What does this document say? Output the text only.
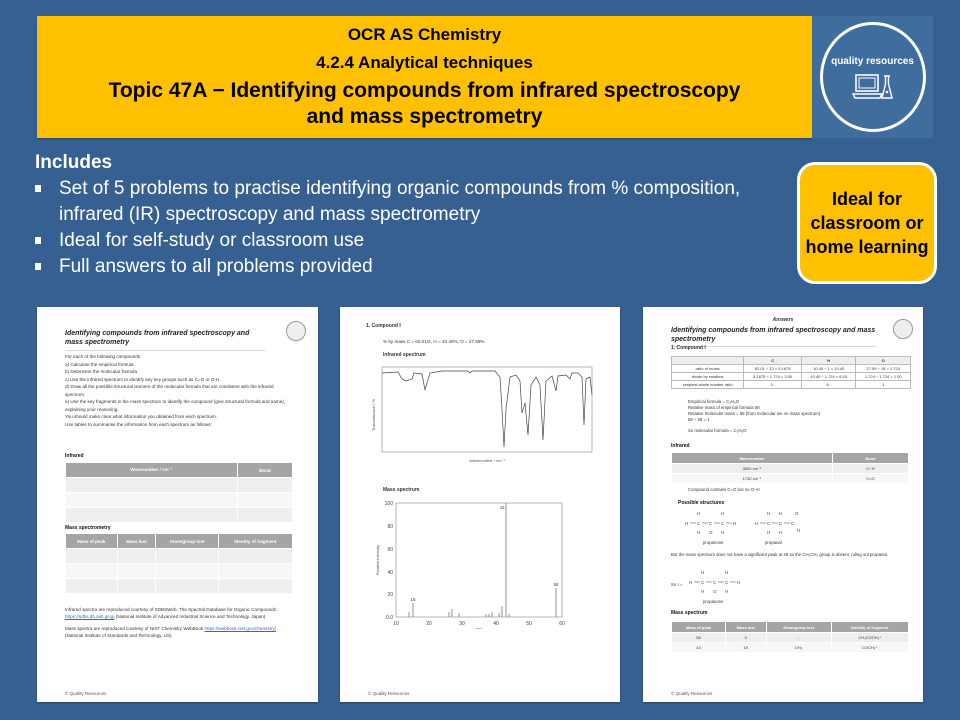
OCR AS Chemistry
4.2.4 Analytical techniques
Topic 47A − Identifying compounds from infrared spectroscopy
and mass spectrometry
quality resources
Includes
Set of 5 problems to practise identifying organic compounds from % composition, infrared (IR) spectroscopy and mass spectrometry
Ideal for self-study or classroom use
Full answers to all problems provided
Ideal for classroom or home learning
Identifying compounds from infrared spectroscopy and mass spectrometry
For each of the following compounds
a) Calculate the empirical formula
b) Determine the molecular formula
c) Use the infrared spectrum to identify any key groups such as C=O or O-H.
d) Draw all the possible structural isomers of the molecular formula that are consistent with the infrared spectrum.
e) Use the key fragments in the mass spectrum to identify the compound (give structural formula and name), explaining your reasoning.
You should make clear what information you obtained from each spectrum.
Use tables to summarise the information from each spectrum as follows:
Infrared
Wavenumber / cm⁻¹	Bond

Mass spectrometry
Mass of peak	Mass lost	Atom/group lost	Identity of fragment

Infrared spectra are reproduced courtesy of SDBSWeb. The Spectral Database for Organic Compounds : https://sdbs.db.aist.go.jp (National Institute of Advanced Industrial Science and Technology, Japan)
Mass spectra are reproduced courtesy of NIST Chemistry WebBook https://webbook.nist.gov/chemistry/ (National Institute of Standards and Technology, US)
© Quality Resources
1. Compound I
% by mass C = 62.01%, H = 10.40%, O = 27.59%
Infrared spectrum
Wavenumber / cm⁻¹
Transmittance / %
Mass spectrum
100
80
60
40
20
0.0
10	20	30	40	50	60
15
43
58
m/z
Relative intensity
© Quality Resources
Answers
Identifying compounds from infrared spectroscopy and mass spectrometry
1. Compound I
	C	H	O
ratio of moles	62.01 ÷ 12 = 5.1675	10.40 ÷ 1 = 10.40	27.59 ÷ 16 = 1.724
divide by smallest	5.1675 ÷ 1.724 = 3.00	10.40 ÷ 1.724 = 6.03	1.724 ÷ 1.724 = 1.00
simplest whole number ratio	3 :	6 :	1
Empirical formula = C₃H₆O
Relative mass of empirical formula 58
Relative molecular mass = 58 (from molecular ion on mass spectrum)
58 ÷ 58 = 1
So molecular formula = C₃H₆O
Infrared
Wavenumber	Bond
3000 cm⁻¹	C−H
1730 cm⁻¹	C=O
Compound contains C=O but no O−H
Possible structures
H C C C H
H	H
H O H
H C C C
H H	O
H H	H
propanone	propanal
But the mass spectrum does not have a significant peak at 29 so the CH₃CH₂ group is absent, ruling out propanal.
So I = H C C C H
H	H
H O H
propanone
Mass spectrum
Mass of peak	Mass lost	Atom/group lost	Identity of fragment
58	0	-	CH₃COCH₃⁺
43	15	CH₃	COCH₃⁺
© Quality Resources
